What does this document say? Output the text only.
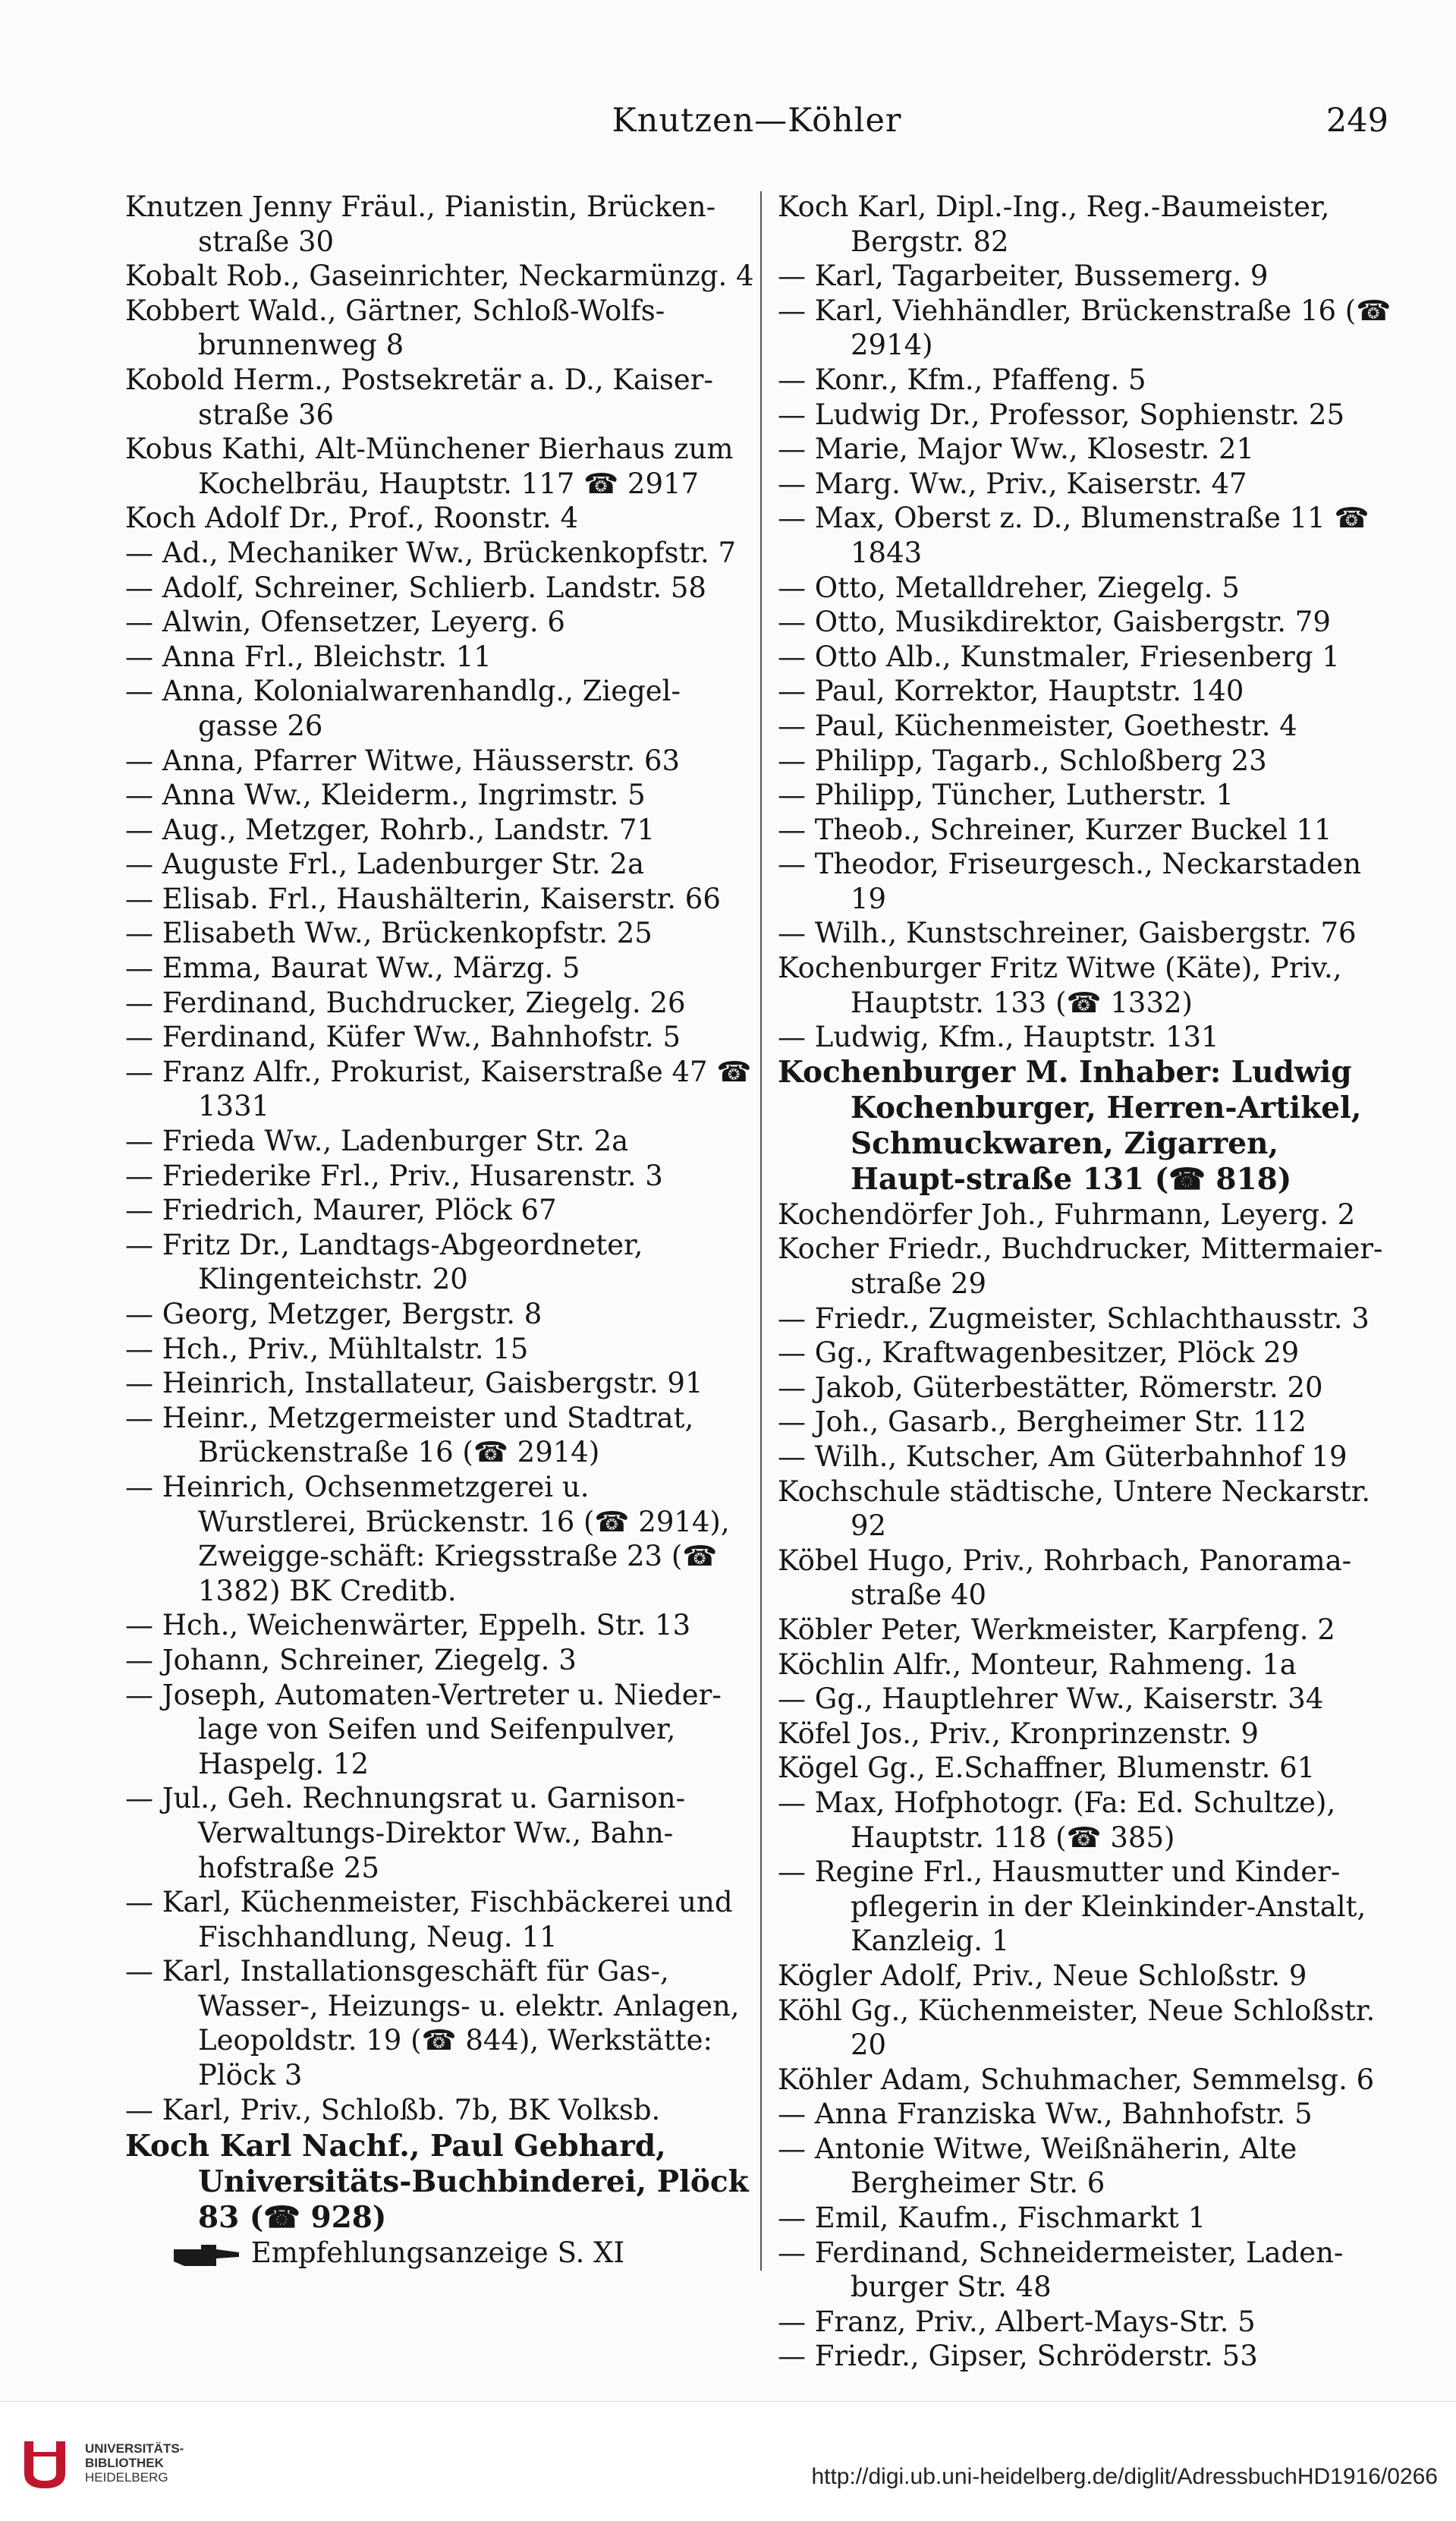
Knutzen—Köhler	249
Knutzen Jenny Fräul., Pianistin, Brücken-straße 30
Kobalt Rob., Gaseinrichter, Neckarmünzg. 4
Kobbert Wald., Gärtner, Schloß-Wolfs-brunnenweg 8
Kobold Herm., Postsekretär a. D., Kaiser-straße 36
Kobus Kathi, Alt-Münchener Bierhaus zum Kochelbräu, Hauptstr. 117 ☎ 2917
Koch Adolf Dr., Prof., Roonstr. 4
— Ad., Mechaniker Ww., Brückenkopfstr. 7
— Adolf, Schreiner, Schlierb. Landstr. 58
— Alwin, Ofensetzer, Leyerg. 6
— Anna Frl., Bleichstr. 11
— Anna, Kolonialwarenhandlg., Ziegel-gasse 26
— Anna, Pfarrer Witwe, Häusserstr. 63
— Anna Ww., Kleiderm., Ingrimstr. 5
— Aug., Metzger, Rohrb., Landstr. 71
— Auguste Frl., Ladenburger Str. 2a
— Elisab. Frl., Haushälterin, Kaiserstr. 66
— Elisabeth Ww., Brückenkopfstr. 25
— Emma, Baurat Ww., Märzg. 5
— Ferdinand, Buchdrucker, Ziegelg. 26
— Ferdinand, Küfer Ww., Bahnhofstr. 5
— Franz Alfr., Prokurist, Kaiserstraße 47 ☎ 1331
— Frieda Ww., Ladenburger Str. 2a
— Friederike Frl., Priv., Husarenstr. 3
— Friedrich, Maurer, Plöck 67
— Fritz Dr., Landtags-Abgeordneter, Klingenteichstr. 20
— Georg, Metzger, Bergstr. 8
— Hch., Priv., Mühltalstr. 15
— Heinrich, Installateur, Gaisbergstr. 91
— Heinr., Metzgermeister und Stadtrat, Brückenstraße 16 (☎ 2914)
— Heinrich, Ochsenmetzgerei u. Wurstlerei, Brückenstr. 16 (☎ 2914), Zweigge-schäft: Kriegsstraße 23 (☎ 1382) BK Creditb.
— Hch., Weichenwärter, Eppelh. Str. 13
— Johann, Schreiner, Ziegelg. 3
— Joseph, Automaten-Vertreter u. Nieder-lage von Seifen und Seifenpulver, Haspelg. 12
— Jul., Geh. Rechnungsrat u. Garnison-Verwaltungs-Direktor Ww., Bahn-hofstraße 25
— Karl, Küchenmeister, Fischbäckerei und Fischhandlung, Neug. 11
— Karl, Installationsgeschäft für Gas-, Wasser-, Heizungs- u. elektr. Anlagen, Leopoldstr. 19 (☎ 844), Werkstätte: Plöck 3
— Karl, Priv., Schloßb. 7b, BK Volksb.
Koch Karl Nachf., Paul Gebhard, Universitäts-Buchbinderei, Plöck 83 (☎ 928)
Empfehlungsanzeige S. XI
Koch Karl, Dipl.-Ing., Reg.-Baumeister, Bergstr. 82
— Karl, Tagarbeiter, Bussemerg. 9
— Karl, Viehhändler, Brückenstraße 16 (☎ 2914)
— Konr., Kfm., Pfaffeng. 5
— Ludwig Dr., Professor, Sophienstr. 25
— Marie, Major Ww., Klosestr. 21
— Marg. Ww., Priv., Kaiserstr. 47
— Max, Oberst z. D., Blumenstraße 11 ☎ 1843
— Otto, Metalldreher, Ziegelg. 5
— Otto, Musikdirektor, Gaisbergstr. 79
— Otto Alb., Kunstmaler, Friesenberg 1
— Paul, Korrektor, Hauptstr. 140
— Paul, Küchenmeister, Goethestr. 4
— Philipp, Tagarb., Schloßberg 23
— Philipp, Tüncher, Lutherstr. 1
— Theob., Schreiner, Kurzer Buckel 11
— Theodor, Friseurgesch., Neckarstaden 19
— Wilh., Kunstschreiner, Gaisbergstr. 76
Kochenburger Fritz Witwe (Käte), Priv., Hauptstr. 133 (☎ 1332)
— Ludwig, Kfm., Hauptstr. 131
Kochenburger M. Inhaber: Ludwig Kochenburger, Herren-Artikel, Schmuckwaren, Zigarren, Haupt-straße 131 (☎ 818)
Kochendörfer Joh., Fuhrmann, Leyerg. 2
Kocher Friedr., Buchdrucker, Mittermaier-straße 29
— Friedr., Zugmeister, Schlachthausstr. 3
— Gg., Kraftwagenbesitzer, Plöck 29
— Jakob, Güterbestätter, Römerstr. 20
— Joh., Gasarb., Bergheimer Str. 112
— Wilh., Kutscher, Am Güterbahnhof 19
Kochschule städtische, Untere Neckarstr. 92
Köbel Hugo, Priv., Rohrbach, Panorama-straße 40
Köbler Peter, Werkmeister, Karpfeng. 2
Köchlin Alfr., Monteur, Rahmeng. 1a
— Gg., Hauptlehrer Ww., Kaiserstr. 34
Köfel Jos., Priv., Kronprinzenstr. 9
Kögel Gg., E.Schaffner, Blumenstr. 61
— Max, Hofphotogr. (Fa: Ed. Schultze), Hauptstr. 118 (☎ 385)
— Regine Frl., Hausmutter und Kinder-pflegerin in der Kleinkinder-Anstalt, Kanzleig. 1
Kögler Adolf, Priv., Neue Schloßstr. 9
Köhl Gg., Küchenmeister, Neue Schloßstr. 20
Köhler Adam, Schuhmacher, Semmelsg. 6
— Anna Franziska Ww., Bahnhofstr. 5
— Antonie Witwe, Weißnäherin, Alte Bergheimer Str. 6
— Emil, Kaufm., Fischmarkt 1
— Ferdinand, Schneidermeister, Laden-burger Str. 48
— Franz, Priv., Albert-Mays-Str. 5
— Friedr., Gipser, Schröderstr. 53
UNIVERSITÄTS-
BIBLIOTHEK
HEIDELBERG	http://digi.ub.uni-heidelberg.de/diglit/AdressbuchHD1916/0266
